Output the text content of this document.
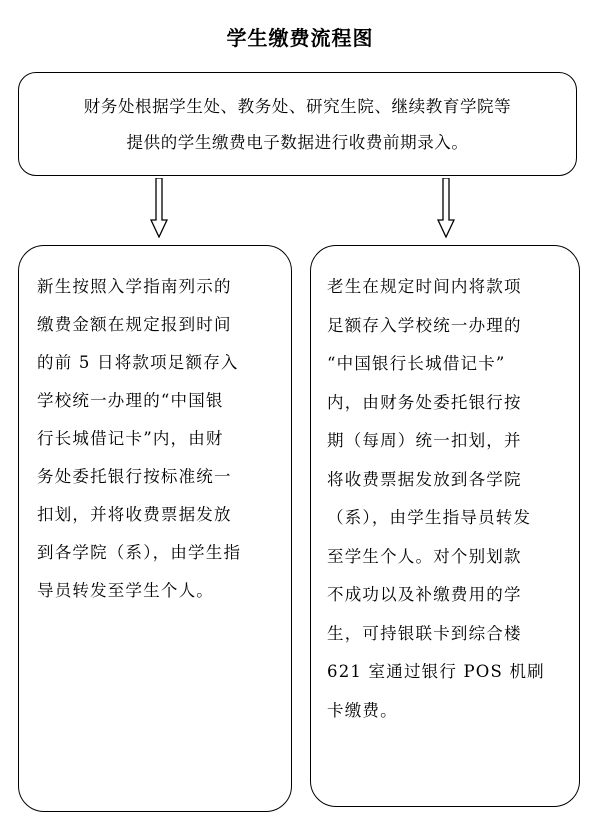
学生缴费流程图
财务处根据学生处、教务处、研究生院、继续教育学院等
提供的学生缴费电子数据进行收费前期录入。
新生按照入学指南列示的
缴费金额在规定报到时间
的前 5 日将款项足额存入
学校统一办理的“中国银
行长城借记卡”内，由财
务处委托银行按标准统一
扣划，并将收费票据发放
到各学院（系），由学生指
导员转发至学生个人。
老生在规定时间内将款项
足额存入学校统一办理的
“中国银行长城借记卡”
内，由财务处委托银行按
期（每周）统一扣划，并
将收费票据发放到各学院
（系），由学生指导员转发
至学生个人。对个别划款
不成功以及补缴费用的学
生，可持银联卡到综合楼
621 室通过银行 POS 机刷
卡缴费。
